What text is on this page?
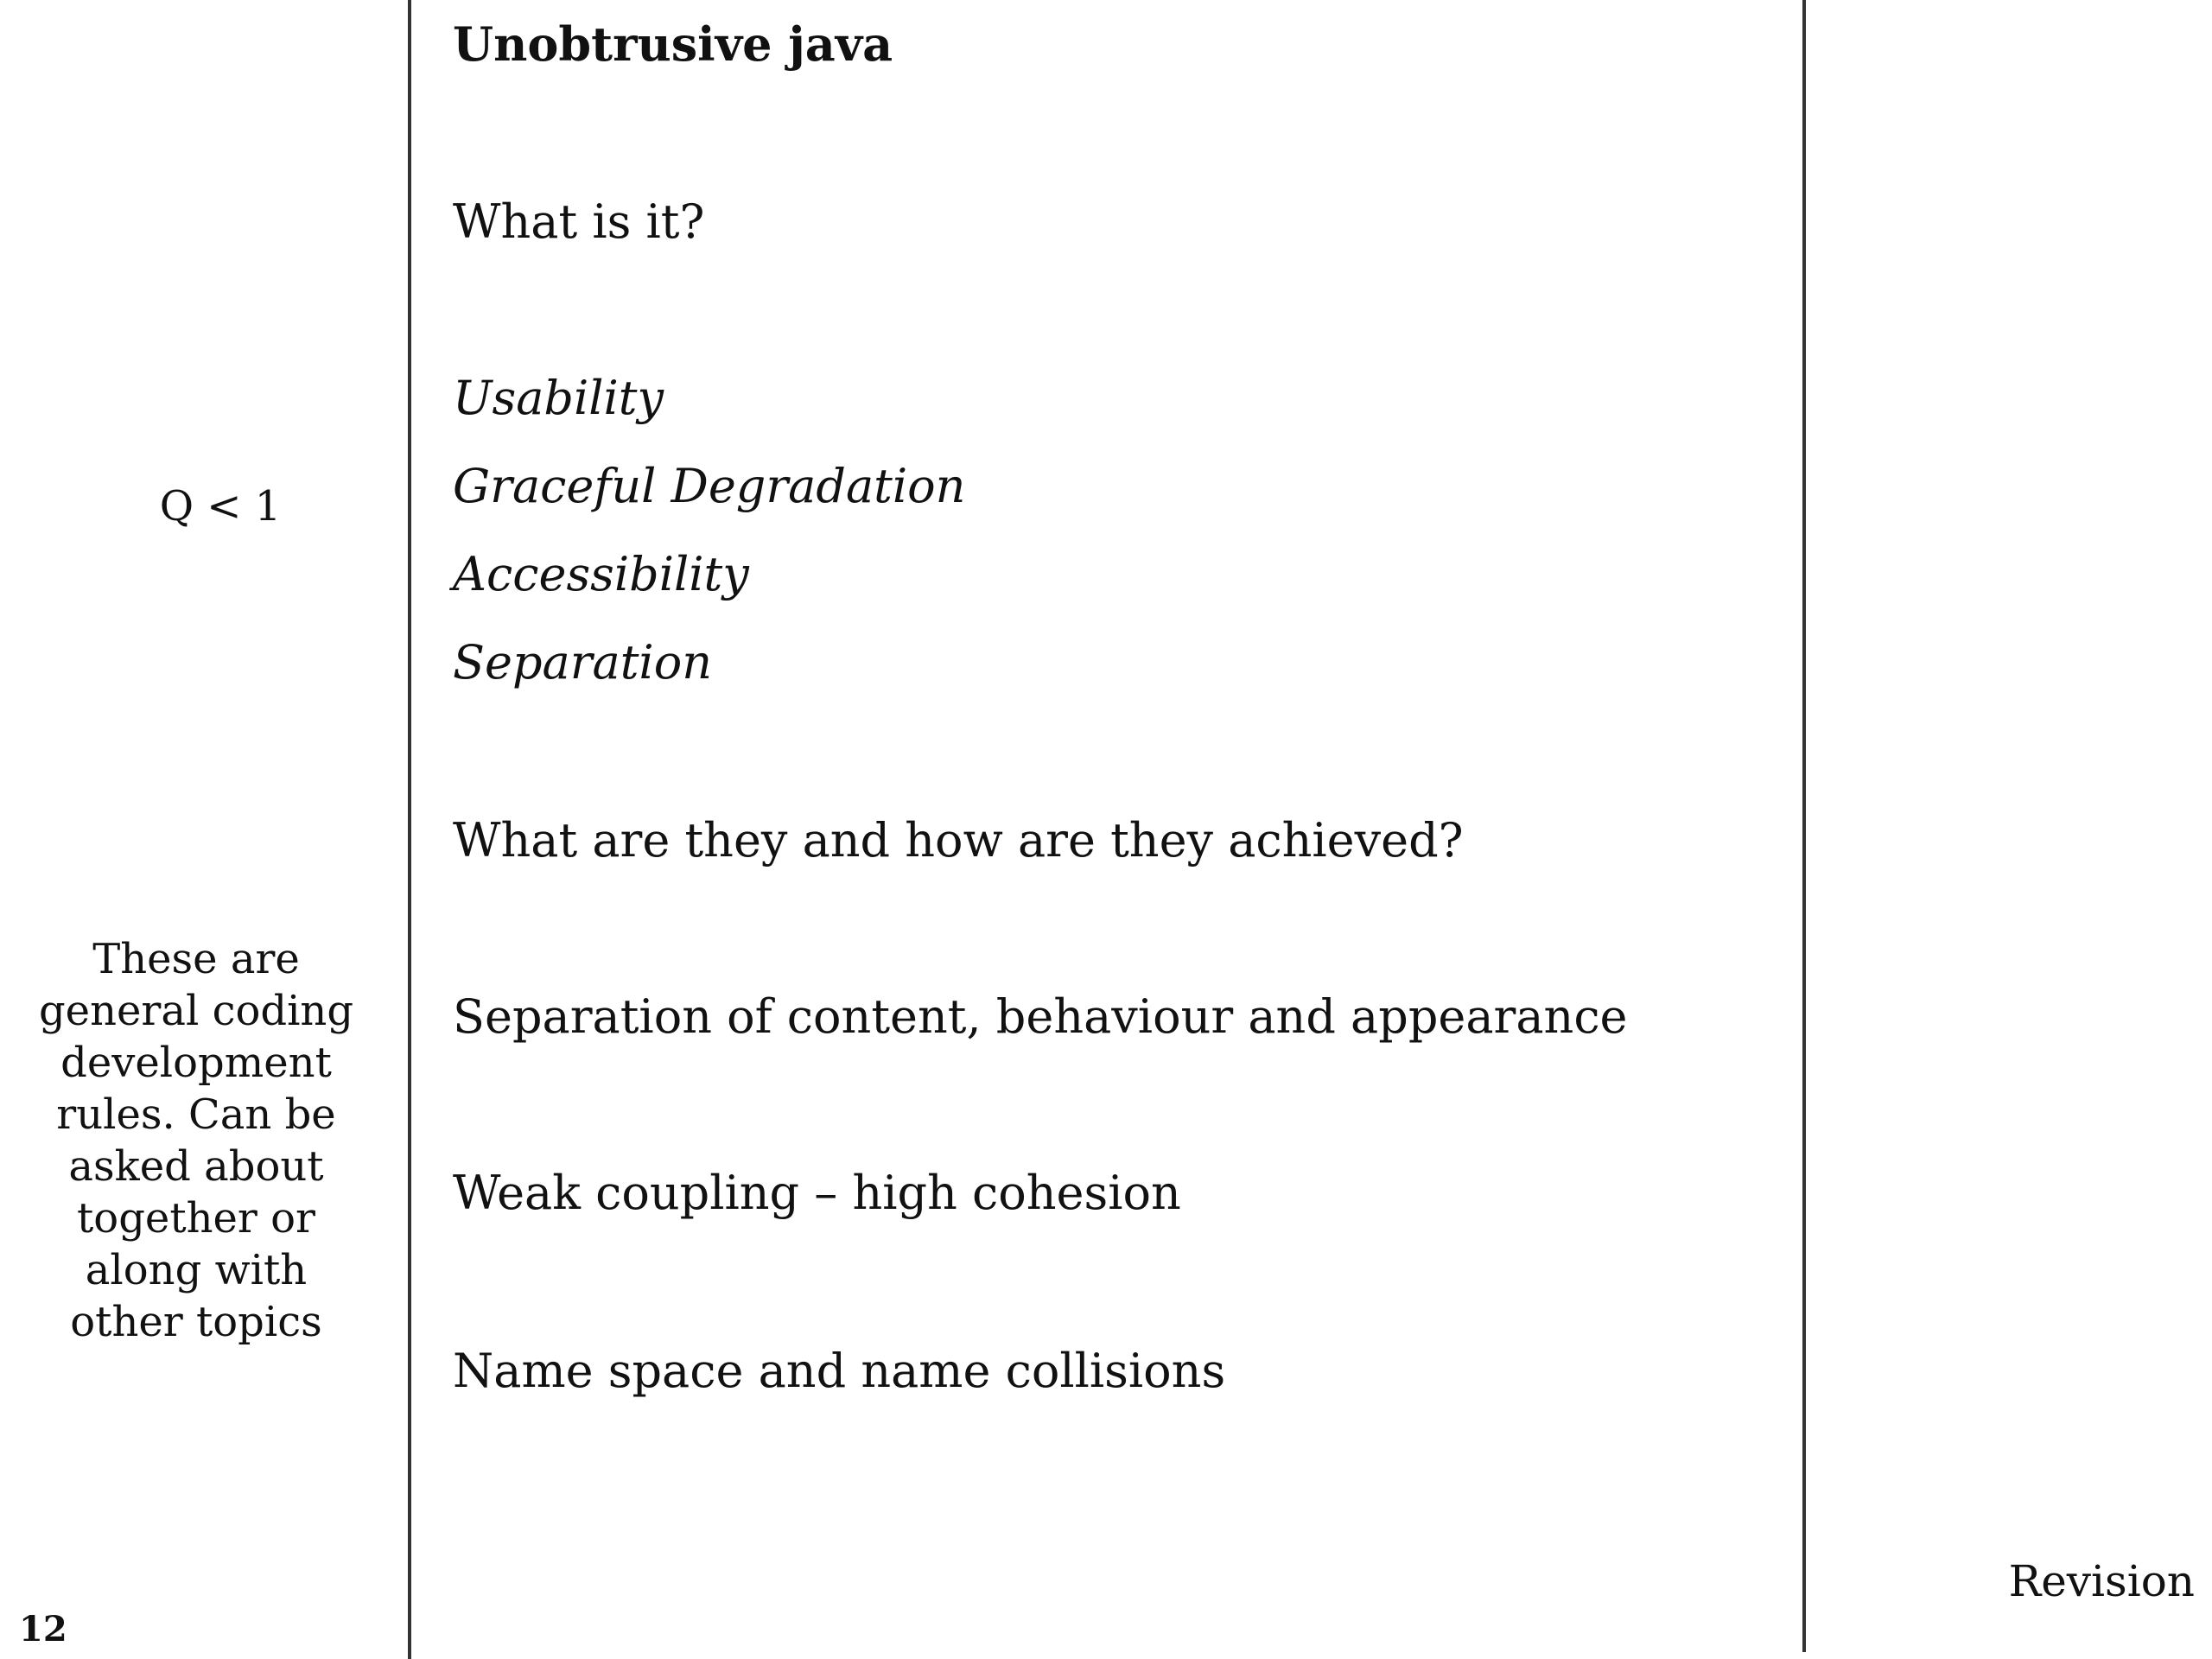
Unobtrusive java
What is it?
Usability
Graceful Degradation
Accessibility
Separation
What are they and how are they achieved?
Separation of content, behaviour and appearance
Weak coupling – high cohesion
Name space and name collisions
Q < 1
These are general coding development rules. Can be asked about together or along with other topics
12
Revision
